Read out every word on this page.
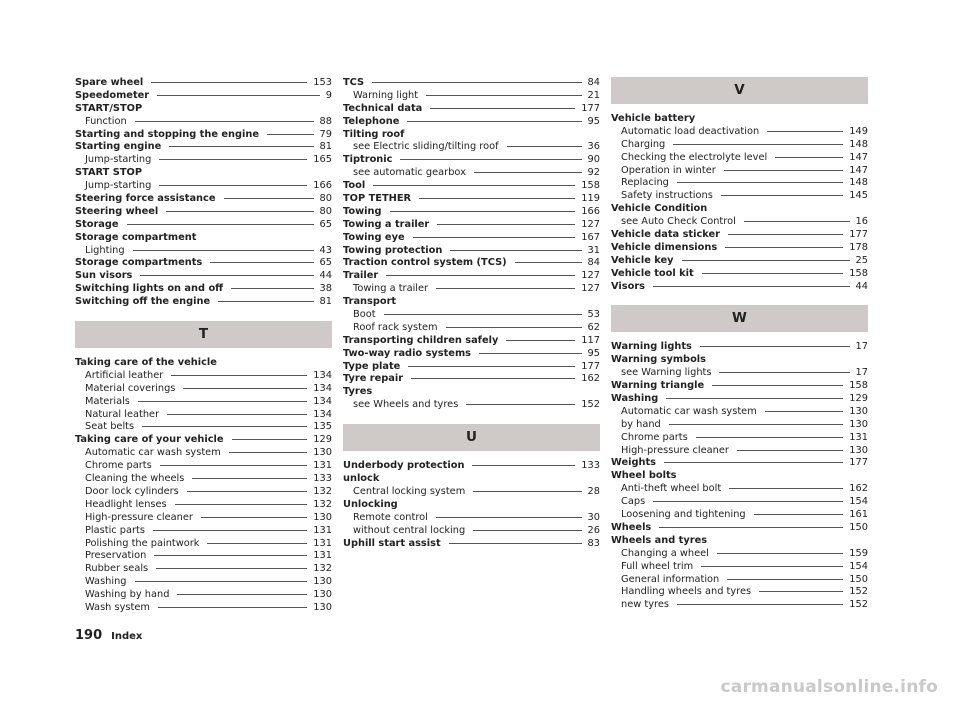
Spare wheel	153
Speedometer	9
START/STOP
Function	88
Starting and stopping the engine	79
Starting engine	81
Jump-starting	165
START STOP
Jump-starting	166
Steering force assistance	80
Steering wheel	80
Storage	65
Storage compartment
Lighting	43
Storage compartments	65
Sun visors	44
Switching lights on and off	38
Switching off the engine	81
T
Taking care of the vehicle
Artificial leather	134
Material coverings	134
Materials	134
Natural leather	134
Seat belts	135
Taking care of your vehicle	129
Automatic car wash system	130
Chrome parts	131
Cleaning the wheels	133
Door lock cylinders	132
Headlight lenses	132
High-pressure cleaner	130
Plastic parts	131
Polishing the paintwork	131
Preservation	131
Rubber seals	132
Washing	130
Washing by hand	130
Wash system	130
TCS	84
Warning light	21
Technical data	177
Telephone	95
Tilting roof
see Electric sliding/tilting roof	36
Tiptronic	90
see automatic gearbox	92
Tool	158
TOP TETHER	119
Towing	166
Towing a trailer	127
Towing eye	167
Towing protection	31
Traction control system (TCS)	84
Trailer	127
Towing a trailer	127
Transport
Boot	53
Roof rack system	62
Transporting children safely	117
Two-way radio systems	95
Type plate	177
Tyre repair	162
Tyres
see Wheels and tyres	152
U
Underbody protection	133
unlock
Central locking system	28
Unlocking
Remote control	30
without central locking	26
Uphill start assist	83
V
Vehicle battery
Automatic load deactivation	149
Charging	148
Checking the electrolyte level	147
Operation in winter	147
Replacing	148
Safety instructions	145
Vehicle Condition
see Auto Check Control	16
Vehicle data sticker	177
Vehicle dimensions	178
Vehicle key	25
Vehicle tool kit	158
Visors	44
W
Warning lights	17
Warning symbols
see Warning lights	17
Warning triangle	158
Washing	129
Automatic car wash system	130
by hand	130
Chrome parts	131
High-pressure cleaner	130
Weights	177
Wheel bolts
Anti-theft wheel bolt	162
Caps	154
Loosening and tightening	161
Wheels	150
Wheels and tyres
Changing a wheel	159
Full wheel trim	154
General information	150
Handling wheels and tyres	152
new tyres	152
190 Index
carmanualsonline.info
